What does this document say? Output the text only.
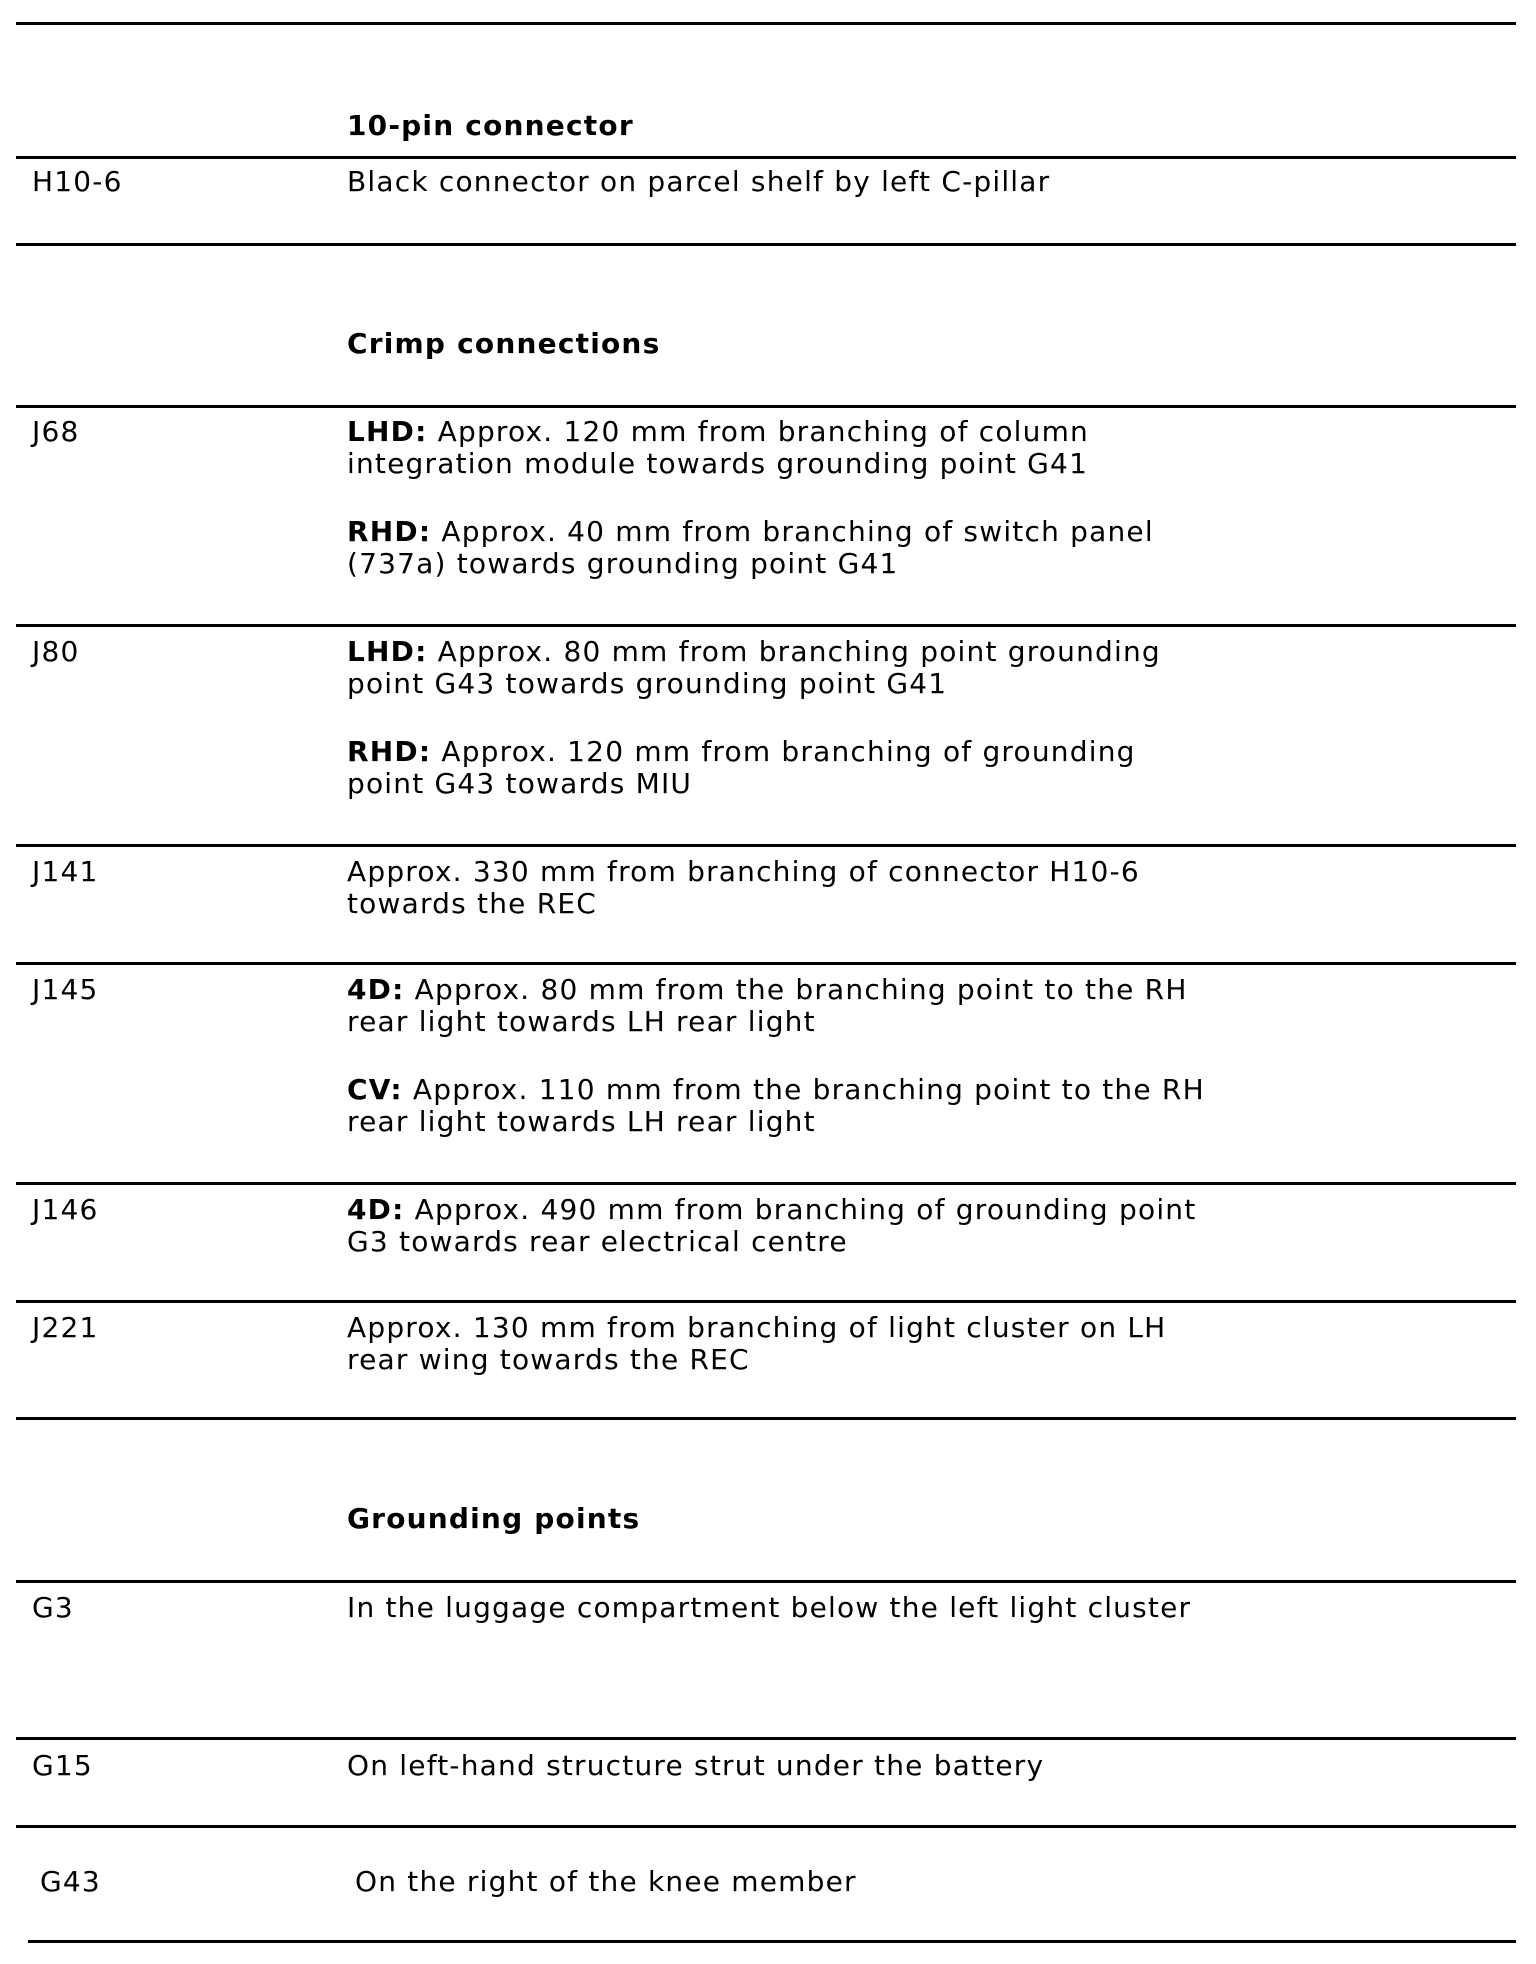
10-pin connector
H10-6	Black connector on parcel shelf by left C-pillar
Crimp connections
J68	LHD: Approx. 120 mm from branching of column
integration module towards grounding point G41
RHD: Approx. 40 mm from branching of switch panel
(737a) towards grounding point G41
J80	LHD: Approx. 80 mm from branching point grounding
point G43 towards grounding point G41
RHD: Approx. 120 mm from branching of grounding
point G43 towards MIU
J141	Approx. 330 mm from branching of connector H10-6
towards the REC
J145	4D: Approx. 80 mm from the branching point to the RH
rear light towards LH rear light
CV: Approx. 110 mm from the branching point to the RH
rear light towards LH rear light
J146	4D: Approx. 490 mm from branching of grounding point
G3 towards rear electrical centre
J221	Approx. 130 mm from branching of light cluster on LH
rear wing towards the REC
Grounding points
G3	In the luggage compartment below the left light cluster
G15	On left-hand structure strut under the battery
G43	On the right of the knee member
